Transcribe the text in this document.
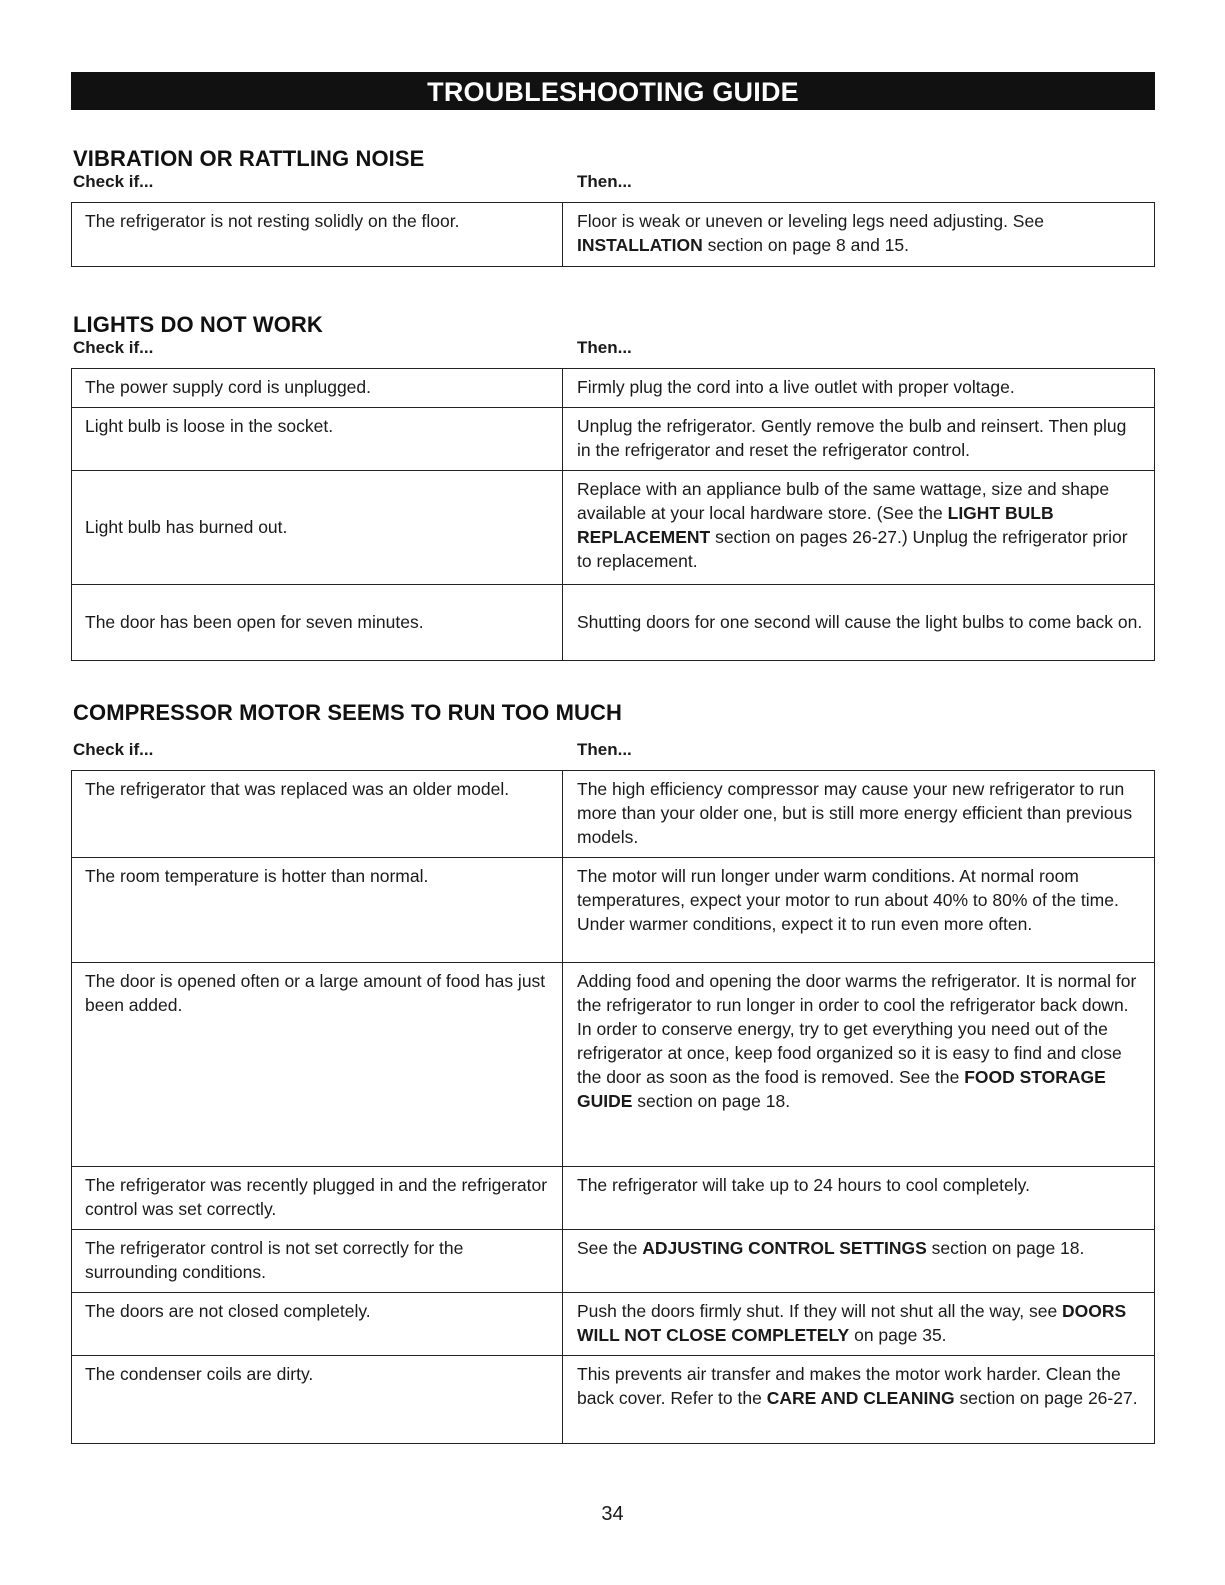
TROUBLESHOOTING GUIDE
VIBRATION OR RATTLING NOISE
Check if...	Then...
The refrigerator is not resting solidly on the floor.	Floor is weak or uneven or leveling legs need adjusting. See INSTALLATION section on page 8 and 15.
LIGHTS DO NOT WORK
Check if...	Then...
The power supply cord is unplugged.	Firmly plug the cord into a live outlet with proper voltage.
Light bulb is loose in the socket.	Unplug the refrigerator. Gently remove the bulb and reinsert. Then plug in the refrigerator and reset the refrigerator control.
Light bulb has burned out.	Replace with an appliance bulb of the same wattage, size and shape available at your local hardware store. (See the LIGHT BULB REPLACEMENT section on pages 26-27.) Unplug the refrigerator prior to replacement.
The door has been open for seven minutes.	Shutting doors for one second will cause the light bulbs to come back on.
COMPRESSOR MOTOR SEEMS TO RUN TOO MUCH
Check if...	Then...
The refrigerator that was replaced was an older model.	The high efficiency compressor may cause your new refrigerator to run more than your older one, but is still more energy efficient than previous models.
The room temperature is hotter than normal.	The motor will run longer under warm conditions. At normal room temperatures, expect your motor to run about 40% to 80% of the time. Under warmer conditions, expect it to run even more often.
The door is opened often or a large amount of food has just been added.	Adding food and opening the door warms the refrigerator. It is normal for the refrigerator to run longer in order to cool the refrigerator back down. In order to conserve energy, try to get everything you need out of the refrigerator at once, keep food organized so it is easy to find and close the door as soon as the food is removed. See the FOOD STORAGE GUIDE section on page 18.
The refrigerator was recently plugged in and the refrigerator control was set correctly.	The refrigerator will take up to 24 hours to cool completely.
The refrigerator control is not set correctly for the surrounding conditions.	See the ADJUSTING CONTROL SETTINGS section on page 18.
The doors are not closed completely.	Push the doors firmly shut. If they will not shut all the way, see DOORS WILL NOT CLOSE COMPLETELY on page 35.
The condenser coils are dirty.	This prevents air transfer and makes the motor work harder. Clean the back cover. Refer to the CARE AND CLEANING section on page 26-27.
34
